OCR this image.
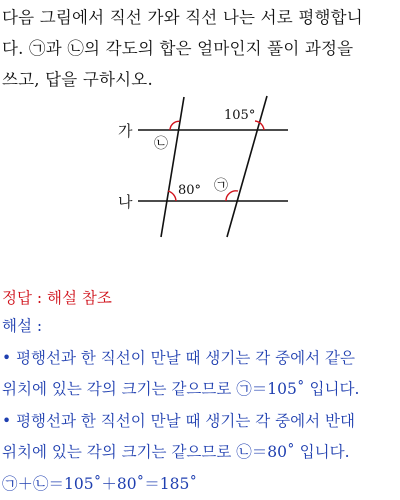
다음 그림에서 직선 가와 직선 나는 서로 평행합니
다. ㉠과 ㉡의 각도의 합은 얼마인지 풀이 과정을
쓰고, 답을 구하시오.
가
나
105°
80°
㉡
㉠
정답 : 해설 참조
해설 :
• 평행선과 한 직선이 만날 때 생기는 각 중에서 같은
위치에 있는 각의 크기는 같으므로 ㉠＝105˚ 입니다.
• 평행선과 한 직선이 만날 때 생기는 각 중에서 반대
위치에 있는 각의 크기는 같으므로 ㉡＝80˚ 입니다.
㉠＋㉡＝105˚＋80˚＝185˚
